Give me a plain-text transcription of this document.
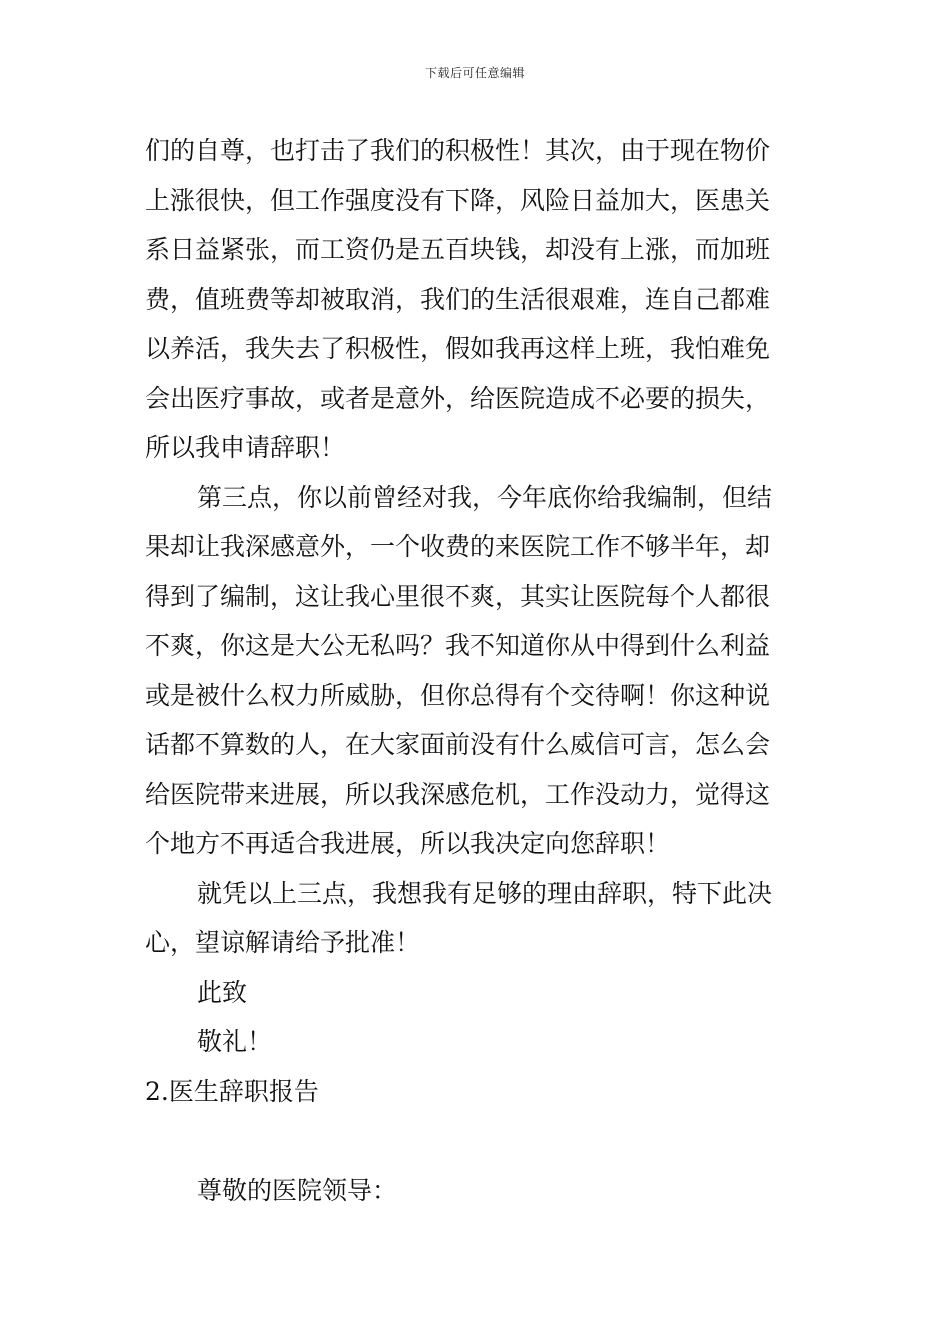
下载后可任意编辑
们的自尊，也打击了我们的积极性！其次，由于现在物价
上涨很快，但工作强度没有下降，风险日益加大，医患关
系日益紧张，而工资仍是五百块钱，却没有上涨，而加班
费，值班费等却被取消，我们的生活很艰难，连自己都难
以养活，我失去了积极性，假如我再这样上班，我怕难免
会出医疗事故，或者是意外，给医院造成不必要的损失，
所以我申请辞职！
第三点，你以前曾经对我，今年底你给我编制，但结
果却让我深感意外，一个收费的来医院工作不够半年，却
得到了编制，这让我心里很不爽，其实让医院每个人都很
不爽，你这是大公无私吗？我不知道你从中得到什么利益
或是被什么权力所威胁，但你总得有个交待啊！你这种说
话都不算数的人，在大家面前没有什么威信可言，怎么会
给医院带来进展，所以我深感危机，工作没动力，觉得这
个地方不再适合我进展，所以我决定向您辞职！
就凭以上三点，我想我有足够的理由辞职，特下此决
心，望谅解请给予批准！
此致
敬礼！
2.医生辞职报告
尊敬的医院领导：
